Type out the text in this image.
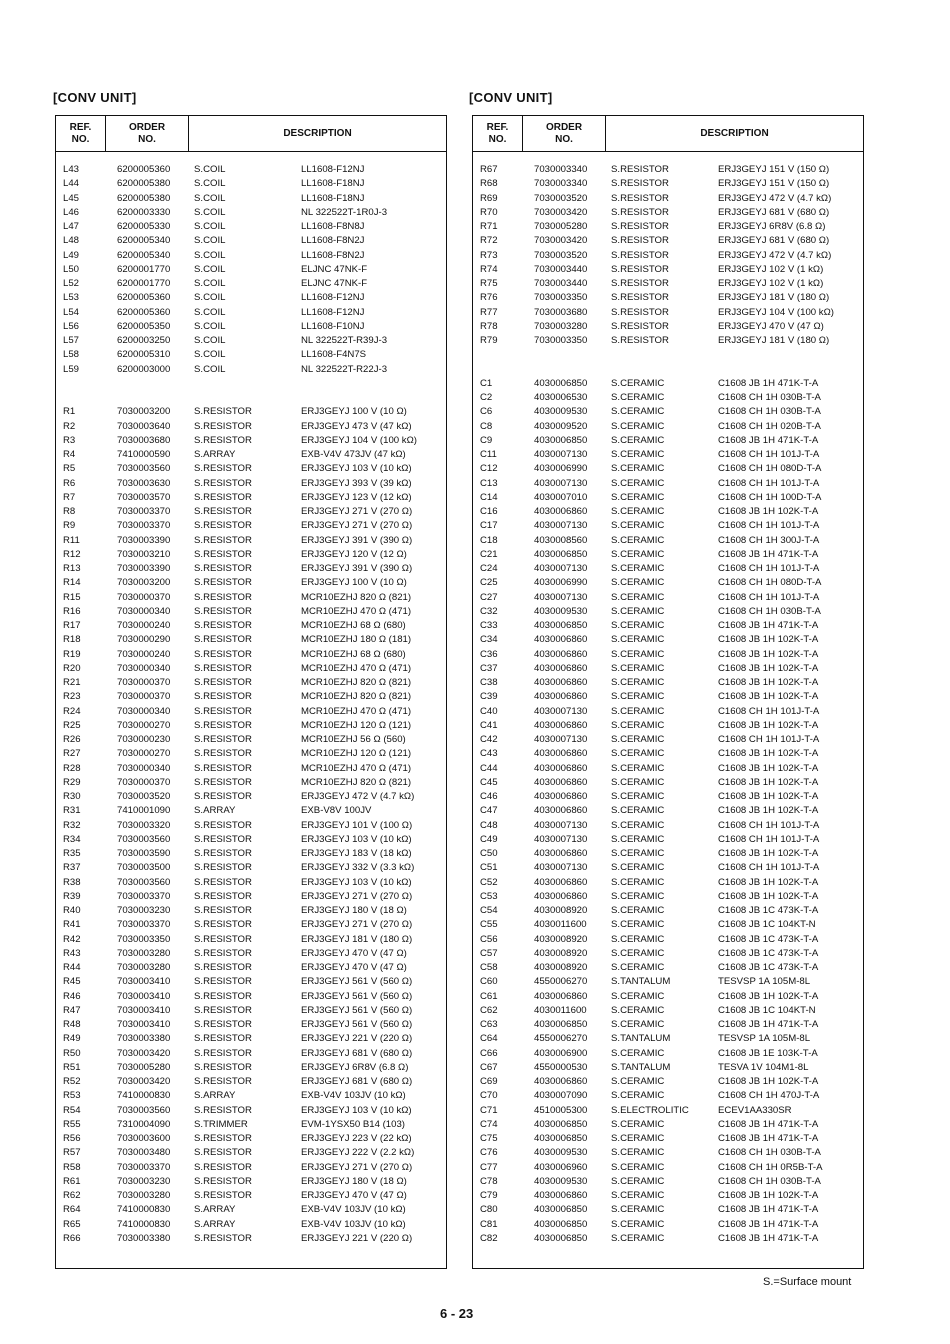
[CONV UNIT]
REF.
NO.
ORDER
NO.
DESCRIPTION
L43	6200005360 S.COIL	LL1608-F12NJ
L44	6200005380 S.COIL	LL1608-F18NJ
L45	6200005380 S.COIL	LL1608-F18NJ
L46	6200003330 S.COIL	NL 322522T-1R0J-3
L47	6200005330 S.COIL	LL1608-F8N8J
L48	6200005340 S.COIL	LL1608-F8N2J
L49	6200005340 S.COIL	LL1608-F8N2J
L50	6200001770 S.COIL	ELJNC 47NK-F
L52	6200001770 S.COIL	ELJNC 47NK-F
L53	6200005360 S.COIL	LL1608-F12NJ
L54	6200005360 S.COIL	LL1608-F12NJ
L56	6200005350 S.COIL	LL1608-F10NJ
L57	6200003250 S.COIL	NL 322522T-R39J-3
L58	6200005310 S.COIL	LL1608-F4N7S
L59	6200003000 S.COIL	NL 322522T-R22J-3
R1	7030003200 S.RESISTOR	ERJ3GEYJ 100 V (10 Ω)
R2	7030003640 S.RESISTOR	ERJ3GEYJ 473 V (47 kΩ)
R3	7030003680 S.RESISTOR	ERJ3GEYJ 104 V (100 kΩ)
R4	7410000590 S.ARRAY	EXB-V4V 473JV (47 kΩ)
R5	7030003560 S.RESISTOR	ERJ3GEYJ 103 V (10 kΩ)
R6	7030003630 S.RESISTOR	ERJ3GEYJ 393 V (39 kΩ)
R7	7030003570 S.RESISTOR	ERJ3GEYJ 123 V (12 kΩ)
R8	7030003370 S.RESISTOR	ERJ3GEYJ 271 V (270 Ω)
R9	7030003370 S.RESISTOR	ERJ3GEYJ 271 V (270 Ω)
R11	7030003390 S.RESISTOR	ERJ3GEYJ 391 V (390 Ω)
R12	7030003210 S.RESISTOR	ERJ3GEYJ 120 V (12 Ω)
R13	7030003390 S.RESISTOR	ERJ3GEYJ 391 V (390 Ω)
R14	7030003200 S.RESISTOR	ERJ3GEYJ 100 V (10 Ω)
R15	7030000370 S.RESISTOR	MCR10EZHJ 820 Ω (821)
R16	7030000340 S.RESISTOR	MCR10EZHJ 470 Ω (471)
R17	7030000240 S.RESISTOR	MCR10EZHJ 68 Ω (680)
R18	7030000290 S.RESISTOR	MCR10EZHJ 180 Ω (181)
R19	7030000240 S.RESISTOR	MCR10EZHJ 68 Ω (680)
R20	7030000340 S.RESISTOR	MCR10EZHJ 470 Ω (471)
R21	7030000370 S.RESISTOR	MCR10EZHJ 820 Ω (821)
R23	7030000370 S.RESISTOR	MCR10EZHJ 820 Ω (821)
R24	7030000340 S.RESISTOR	MCR10EZHJ 470 Ω (471)
R25	7030000270 S.RESISTOR	MCR10EZHJ 120 Ω (121)
R26	7030000230 S.RESISTOR	MCR10EZHJ 56 Ω (560)
R27	7030000270 S.RESISTOR	MCR10EZHJ 120 Ω (121)
R28	7030000340 S.RESISTOR	MCR10EZHJ 470 Ω (471)
R29	7030000370 S.RESISTOR	MCR10EZHJ 820 Ω (821)
R30	7030003520 S.RESISTOR	ERJ3GEYJ 472 V (4.7 kΩ)
R31	7410001090 S.ARRAY	EXB-V8V 100JV
R32	7030003320 S.RESISTOR	ERJ3GEYJ 101 V (100 Ω)
R34	7030003560 S.RESISTOR	ERJ3GEYJ 103 V (10 kΩ)
R35	7030003590 S.RESISTOR	ERJ3GEYJ 183 V (18 kΩ)
R37	7030003500 S.RESISTOR	ERJ3GEYJ 332 V (3.3 kΩ)
R38	7030003560 S.RESISTOR	ERJ3GEYJ 103 V (10 kΩ)
R39	7030003370 S.RESISTOR	ERJ3GEYJ 271 V (270 Ω)
R40	7030003230 S.RESISTOR	ERJ3GEYJ 180 V (18 Ω)
R41	7030003370 S.RESISTOR	ERJ3GEYJ 271 V (270 Ω)
R42	7030003350 S.RESISTOR	ERJ3GEYJ 181 V (180 Ω)
R43	7030003280 S.RESISTOR	ERJ3GEYJ 470 V (47 Ω)
R44	7030003280 S.RESISTOR	ERJ3GEYJ 470 V (47 Ω)
R45	7030003410 S.RESISTOR	ERJ3GEYJ 561 V (560 Ω)
R46	7030003410 S.RESISTOR	ERJ3GEYJ 561 V (560 Ω)
R47	7030003410 S.RESISTOR	ERJ3GEYJ 561 V (560 Ω)
R48	7030003410 S.RESISTOR	ERJ3GEYJ 561 V (560 Ω)
R49	7030003380 S.RESISTOR	ERJ3GEYJ 221 V (220 Ω)
R50	7030003420 S.RESISTOR	ERJ3GEYJ 681 V (680 Ω)
R51	7030005280 S.RESISTOR	ERJ3GEYJ 6R8V (6.8 Ω)
R52	7030003420 S.RESISTOR	ERJ3GEYJ 681 V (680 Ω)
R53	7410000830 S.ARRAY	EXB-V4V 103JV (10 kΩ)
R54	7030003560 S.RESISTOR	ERJ3GEYJ 103 V (10 kΩ)
R55	7310004090 S.TRIMMER	EVM-1YSX50 B14 (103)
R56	7030003600 S.RESISTOR	ERJ3GEYJ 223 V (22 kΩ)
R57	7030003480 S.RESISTOR	ERJ3GEYJ 222 V (2.2 kΩ)
R58	7030003370 S.RESISTOR	ERJ3GEYJ 271 V (270 Ω)
R61	7030003230 S.RESISTOR	ERJ3GEYJ 180 V (18 Ω)
R62	7030003280 S.RESISTOR	ERJ3GEYJ 470 V (47 Ω)
R64	7410000830 S.ARRAY	EXB-V4V 103JV (10 kΩ)
R65	7410000830 S.ARRAY	EXB-V4V 103JV (10 kΩ)
R66	7030003380 S.RESISTOR	ERJ3GEYJ 221 V (220 Ω)
[CONV UNIT]
REF.
NO.
ORDER
NO.
DESCRIPTION
R67	7030003340 S.RESISTOR	ERJ3GEYJ 151 V (150 Ω)
R68	7030003340 S.RESISTOR	ERJ3GEYJ 151 V (150 Ω)
R69	7030003520 S.RESISTOR	ERJ3GEYJ 472 V (4.7 kΩ)
R70	7030003420 S.RESISTOR	ERJ3GEYJ 681 V (680 Ω)
R71	7030005280 S.RESISTOR	ERJ3GEYJ 6R8V (6.8 Ω)
R72	7030003420 S.RESISTOR	ERJ3GEYJ 681 V (680 Ω)
R73	7030003520 S.RESISTOR	ERJ3GEYJ 472 V (4.7 kΩ)
R74	7030003440 S.RESISTOR	ERJ3GEYJ 102 V (1 kΩ)
R75	7030003440 S.RESISTOR	ERJ3GEYJ 102 V (1 kΩ)
R76	7030003350 S.RESISTOR	ERJ3GEYJ 181 V (180 Ω)
R77	7030003680 S.RESISTOR	ERJ3GEYJ 104 V (100 kΩ)
R78	7030003280 S.RESISTOR	ERJ3GEYJ 470 V (47 Ω)
R79	7030003350 S.RESISTOR	ERJ3GEYJ 181 V (180 Ω)
C1	4030006850 S.CERAMIC	C1608 JB 1H 471K-T-A
C2	4030006530 S.CERAMIC	C1608 CH 1H 030B-T-A
C6	4030009530 S.CERAMIC	C1608 CH 1H 030B-T-A
C8	4030009520 S.CERAMIC	C1608 CH 1H 020B-T-A
C9	4030006850 S.CERAMIC	C1608 JB 1H 471K-T-A
C11	4030007130 S.CERAMIC	C1608 CH 1H 101J-T-A
C12	4030006990 S.CERAMIC	C1608 CH 1H 080D-T-A
C13	4030007130 S.CERAMIC	C1608 CH 1H 101J-T-A
C14	4030007010 S.CERAMIC	C1608 CH 1H 100D-T-A
C16	4030006860 S.CERAMIC	C1608 JB 1H 102K-T-A
C17	4030007130 S.CERAMIC	C1608 CH 1H 101J-T-A
C18	4030008560 S.CERAMIC	C1608 CH 1H 300J-T-A
C21	4030006850 S.CERAMIC	C1608 JB 1H 471K-T-A
C24	4030007130 S.CERAMIC	C1608 CH 1H 101J-T-A
C25	4030006990 S.CERAMIC	C1608 CH 1H 080D-T-A
C27	4030007130 S.CERAMIC	C1608 CH 1H 101J-T-A
C32	4030009530 S.CERAMIC	C1608 CH 1H 030B-T-A
C33	4030006850 S.CERAMIC	C1608 JB 1H 471K-T-A
C34	4030006860 S.CERAMIC	C1608 JB 1H 102K-T-A
C36	4030006860 S.CERAMIC	C1608 JB 1H 102K-T-A
C37	4030006860 S.CERAMIC	C1608 JB 1H 102K-T-A
C38	4030006860 S.CERAMIC	C1608 JB 1H 102K-T-A
C39	4030006860 S.CERAMIC	C1608 JB 1H 102K-T-A
C40	4030007130 S.CERAMIC	C1608 CH 1H 101J-T-A
C41	4030006860 S.CERAMIC	C1608 JB 1H 102K-T-A
C42	4030007130 S.CERAMIC	C1608 CH 1H 101J-T-A
C43	4030006860 S.CERAMIC	C1608 JB 1H 102K-T-A
C44	4030006860 S.CERAMIC	C1608 JB 1H 102K-T-A
C45	4030006860 S.CERAMIC	C1608 JB 1H 102K-T-A
C46	4030006860 S.CERAMIC	C1608 JB 1H 102K-T-A
C47	4030006860 S.CERAMIC	C1608 JB 1H 102K-T-A
C48	4030007130 S.CERAMIC	C1608 CH 1H 101J-T-A
C49	4030007130 S.CERAMIC	C1608 CH 1H 101J-T-A
C50	4030006860 S.CERAMIC	C1608 JB 1H 102K-T-A
C51	4030007130 S.CERAMIC	C1608 CH 1H 101J-T-A
C52	4030006860 S.CERAMIC	C1608 JB 1H 102K-T-A
C53	4030006860 S.CERAMIC	C1608 JB 1H 102K-T-A
C54	4030008920 S.CERAMIC	C1608 JB 1C 473K-T-A
C55	4030011600	S.CERAMIC	C1608 JB 1C 104KT-N
C56	4030008920 S.CERAMIC	C1608 JB 1C 473K-T-A
C57	4030008920 S.CERAMIC	C1608 JB 1C 473K-T-A
C58	4030008920 S.CERAMIC	C1608 JB 1C 473K-T-A
C60	4550006270 S.TANTALUM	TESVSP 1A 105M-8L
C61	4030006860 S.CERAMIC	C1608 JB 1H 102K-T-A
C62	4030011600	S.CERAMIC	C1608 JB 1C 104KT-N
C63	4030006850 S.CERAMIC	C1608 JB 1H 471K-T-A
C64	4550006270 S.TANTALUM	TESVSP 1A 105M-8L
C66	4030006900 S.CERAMIC	C1608 JB 1E 103K-T-A
C67	4550000530 S.TANTALUM	TESVA 1V 104M1-8L
C69	4030006860 S.CERAMIC	C1608 JB 1H 102K-T-A
C70	4030007090 S.CERAMIC	C1608 CH 1H 470J-T-A
C71	4510005300 S.ELECTROLITIC	ECEV1AA330SR
C74	4030006850 S.CERAMIC	C1608 JB 1H 471K-T-A
C75	4030006850 S.CERAMIC	C1608 JB 1H 471K-T-A
C76	4030009530 S.CERAMIC	C1608 CH 1H 030B-T-A
C77	4030006960 S.CERAMIC	C1608 CH 1H 0R5B-T-A
C78	4030009530 S.CERAMIC	C1608 CH 1H 030B-T-A
C79	4030006860 S.CERAMIC	C1608 JB 1H 102K-T-A
C80	4030006850 S.CERAMIC	C1608 JB 1H 471K-T-A
C81	4030006850 S.CERAMIC	C1608 JB 1H 471K-T-A
C82	4030006850 S.CERAMIC	C1608 JB 1H 471K-T-A
S.=Surface mount
6 - 23
